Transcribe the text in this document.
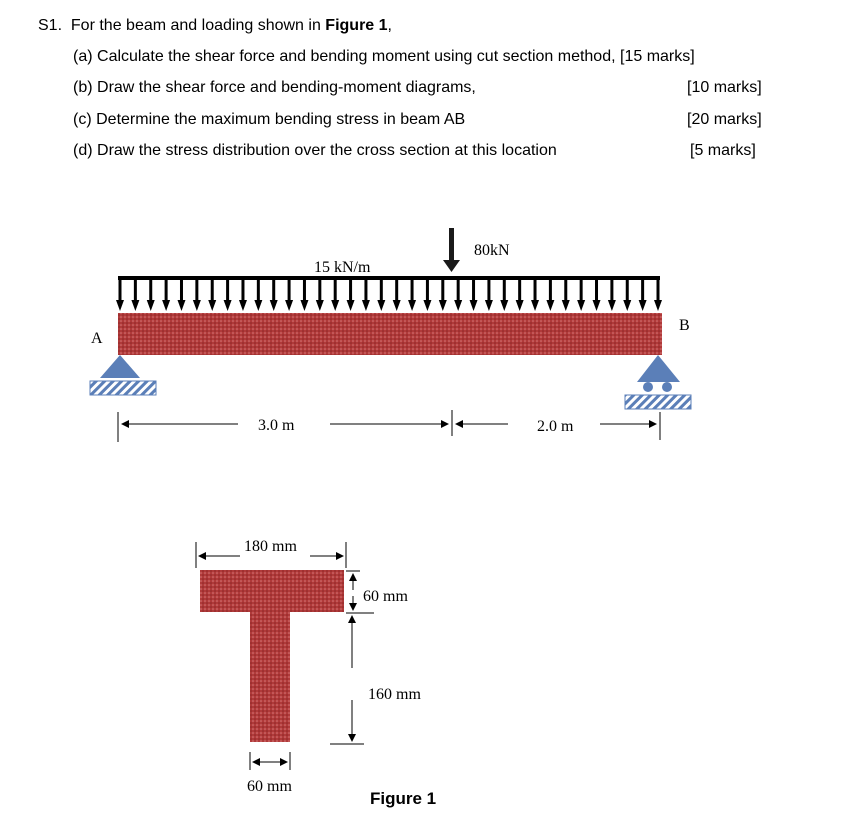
S1. For the beam and loading shown in Figure 1,
(a) Calculate the shear force and bending moment using cut section method, [15 marks]
(b) Draw the shear force and bending-moment diagrams,	[10 marks]
(c) Determine the maximum bending stress in beam AB	[20 marks]
(d) Draw the stress distribution over the cross section at this location	[5 marks]
15 kN/m
80kN
A
B
3.0 m	2.0 m
180 mm
60 mm
160 mm
60 mm
Figure 1
